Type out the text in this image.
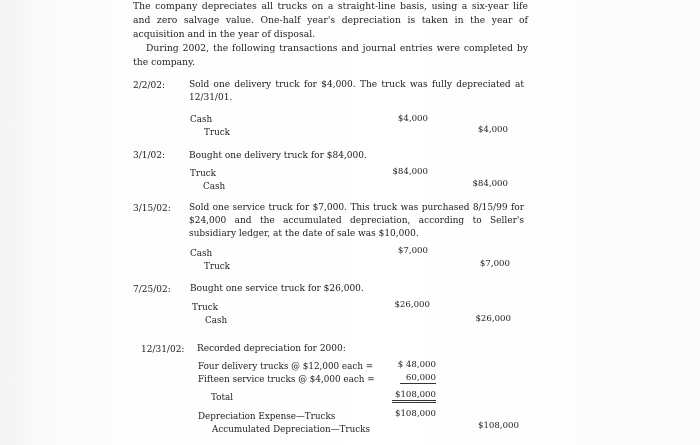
The company depreciates all trucks on a straight-line basis, using a six-year life and zero salvage value. One-half year's depreciation is taken in the year of acquisition and in the year of disposal.

During 2002, the following transactions and journal entries were completed by the company.

2/2/02:	Sold one delivery truck for $4,000. The truck was fully depreciated at 12/31/01.
Cash
Truck
$4,000
$4,000
3/1/02:	Bought one delivery truck for $84,000.
Truck
Cash
$84,000
$84,000
3/15/02: Sold one service truck for $7,000. This truck was purchased 8/15/99 for $24,000 and the accumulated depreciation, according to Seller's subsidiary ledger, at the date of sale was $10,000.
Cash
Truck
$7,000
$7,000
7/25/02: Bought one service truck for $26,000.
Truck
Cash
$26,000
$26,000
12/31/02: Recorded depreciation for 2000:
Four delivery trucks @ $12,000 each =
Fifteen service trucks @ $4,000 each =
Total
$ 48,000
60,000
$108,000
Depreciation Expense—Trucks
Accumulated Depreciation—Trucks
$108,000
$108,000
